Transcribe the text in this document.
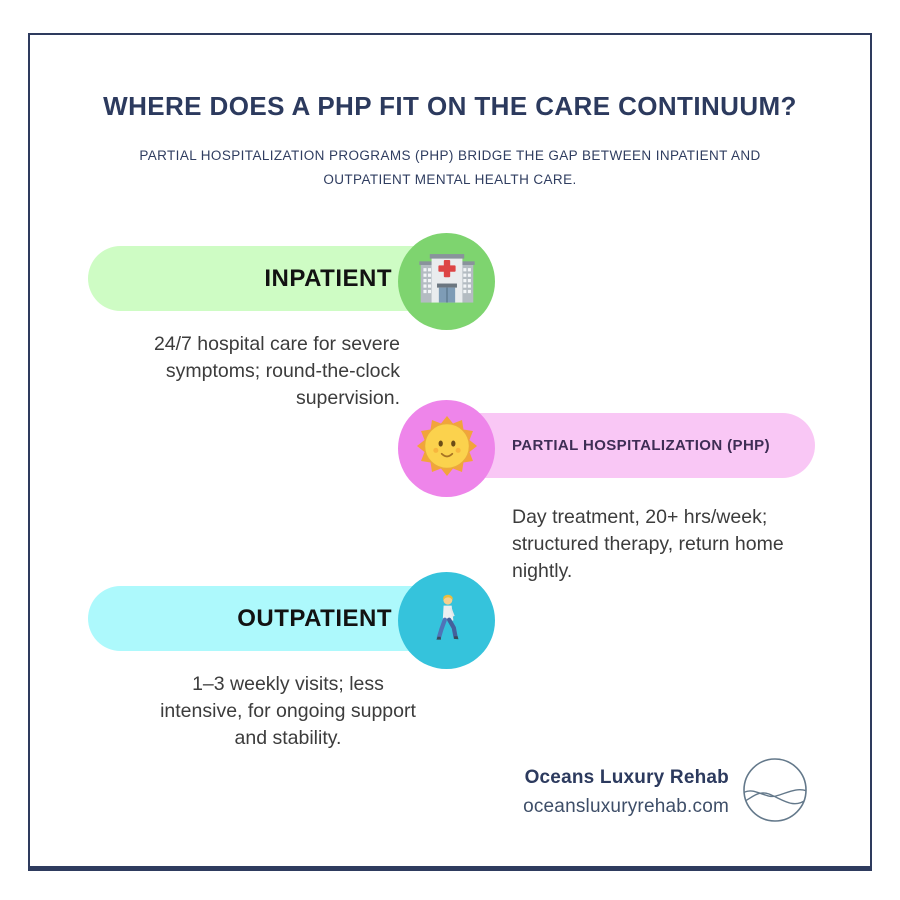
WHERE DOES A PHP FIT ON THE CARE CONTINUUM?
PARTIAL HOSPITALIZATION PROGRAMS (PHP) BRIDGE THE GAP BETWEEN INPATIENT AND OUTPATIENT MENTAL HEALTH CARE.
INPATIENT
24/7 hospital care for severe symptoms; round-the-clock supervision.
PARTIAL HOSPITALIZATION (PHP)
Day treatment, 20+ hrs/week; structured therapy, return home nightly.
OUTPATIENT
1–3 weekly visits; less intensive, for ongoing support and stability.
Oceans Luxury Rehab
oceansluxuryrehab.com
